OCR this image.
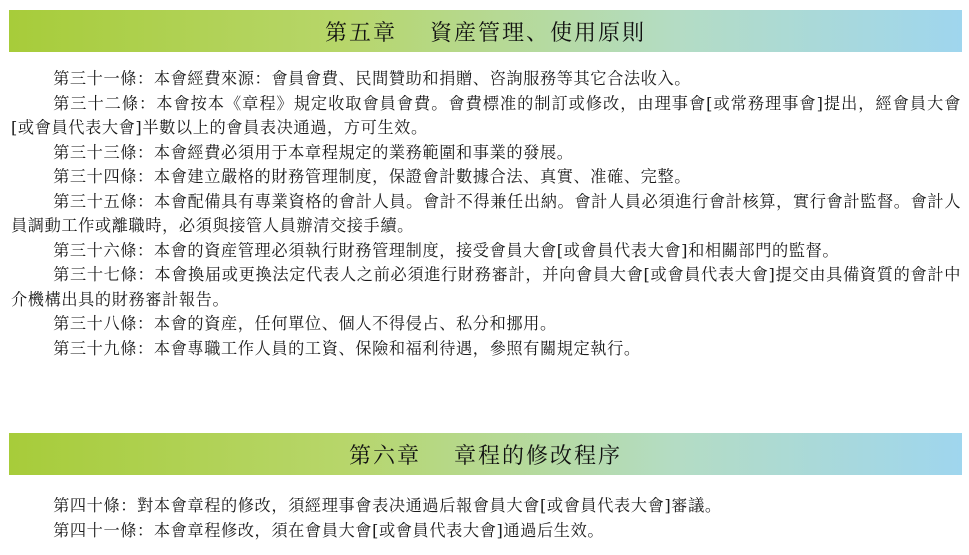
第五章　 資産管理、使用原則

第三十一條：本會經費來源：會員會費、民間贊助和捐贈、咨詢服務等其它合法收入。

第三十二條：本會按本《章程》規定收取會員會費。會費標准的制訂或修改，由理事會[或常務理事會]提出，經會員大會[或會員代表大會]半數以上的會員表决通過，方可生效。

第三十三條：本會經費必須用于本章程規定的業務範圍和事業的發展。

第三十四條：本會建立嚴格的財務管理制度，保證會計數據合法、真實、准確、完整。

第三十五條：本會配備具有專業資格的會計人員。會計不得兼任出納。會計人員必須進行會計核算，實行會計監督。會計人員調動工作或離職時，必須與接管人員辦清交接手續。

第三十六條：本會的資産管理必須執行財務管理制度，接受會員大會[或會員代表大會]和相關部門的監督。

第三十七條：本會換届或更換法定代表人之前必須進行財務審計，并向會員大會[或會員代表大會]提交由具備資質的會計中介機構出具的財務審計報告。

第三十八條：本會的資産，任何單位、個人不得侵占、私分和挪用。

第三十九條：本會專職工作人員的工資、保險和福利待遇，參照有關規定執行。

第六章　 章程的修改程序

第四十條：對本會章程的修改，須經理事會表决通過后報會員大會[或會員代表大會]審議。

第四十一條：本會章程修改，須在會員大會[或會員代表大會]通過后生效。
